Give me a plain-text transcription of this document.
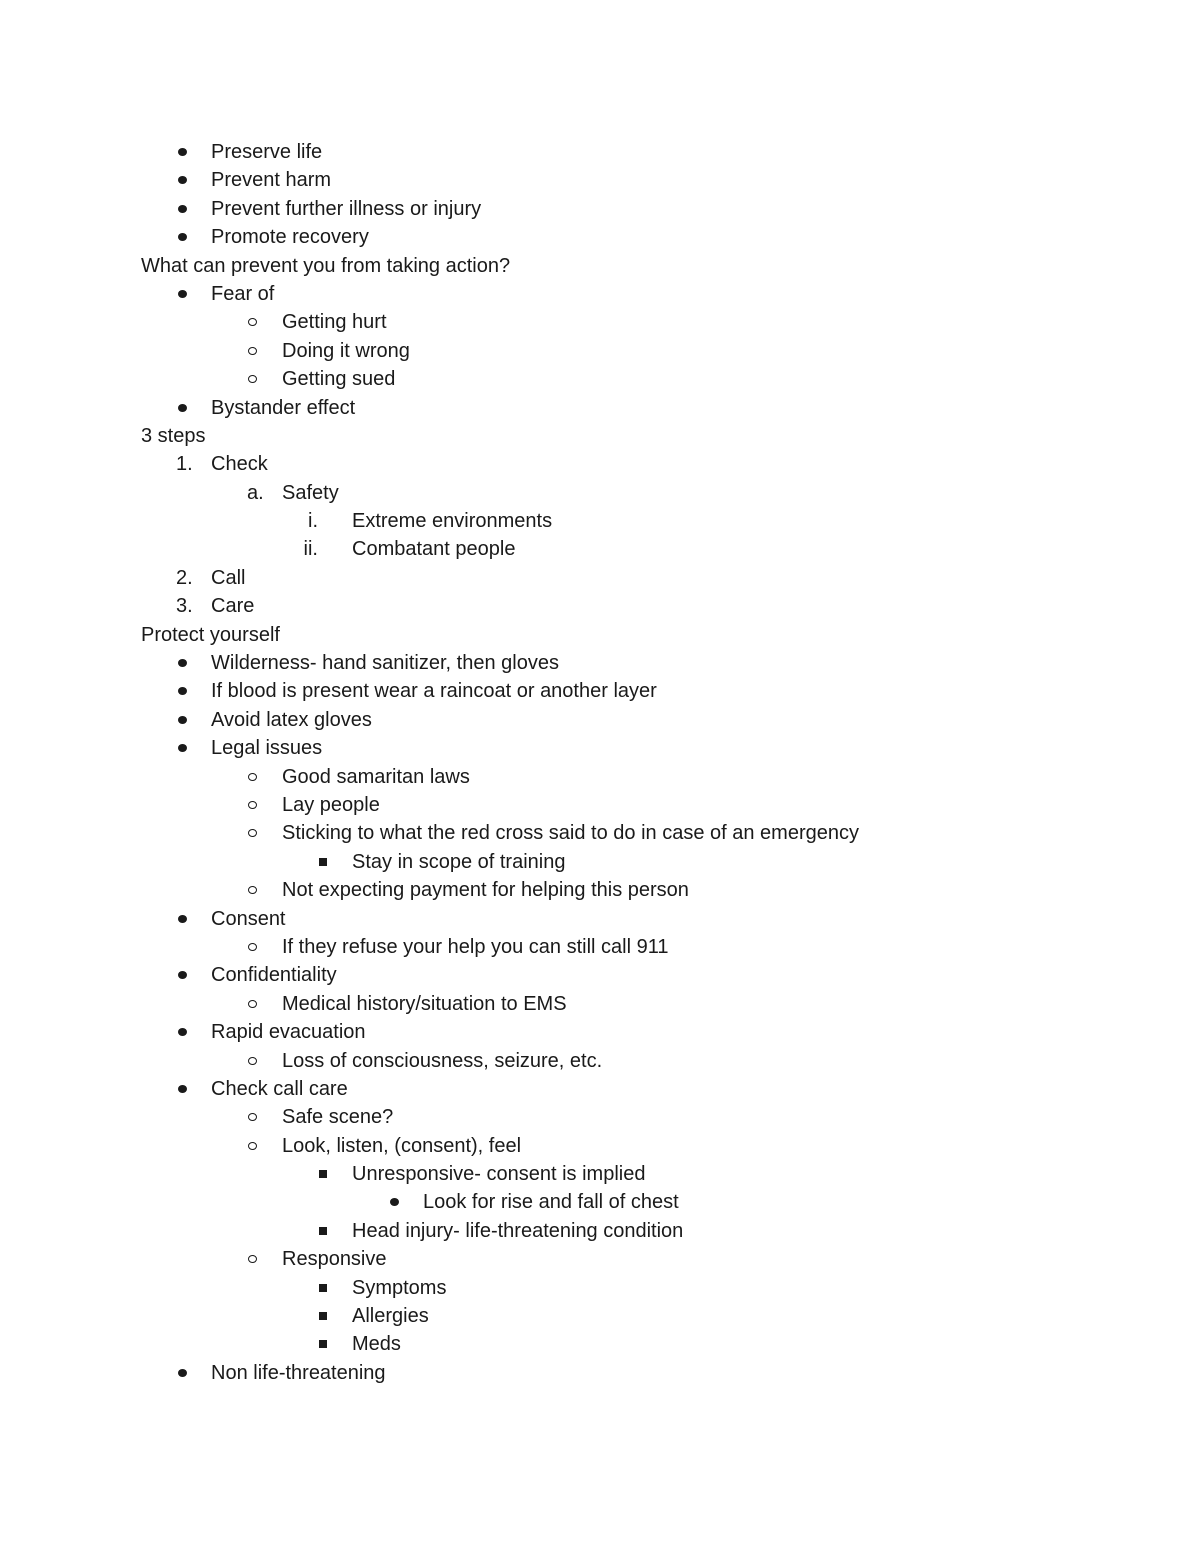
Preserve life
Prevent harm
Prevent further illness or injury
Promote recovery
What can prevent you from taking action?
Fear of
Getting hurt
Doing it wrong
Getting sued
Bystander effect
3 steps
1. Check
a. Safety
i. Extreme environments
ii. Combatant people
2. Call
3. Care
Protect yourself
Wilderness- hand sanitizer, then gloves
If blood is present wear a raincoat or another layer
Avoid latex gloves
Legal issues
Good samaritan laws
Lay people
Sticking to what the red cross said to do in case of an emergency
Stay in scope of training
Not expecting payment for helping this person
Consent
If they refuse your help you can still call 911
Confidentiality
Medical history/situation to EMS
Rapid evacuation
Loss of consciousness, seizure, etc.
Check call care
Safe scene?
Look, listen, (consent), feel
Unresponsive- consent is implied
Look for rise and fall of chest
Head injury- life-threatening condition
Responsive
Symptoms
Allergies
Meds
Non life-threatening
